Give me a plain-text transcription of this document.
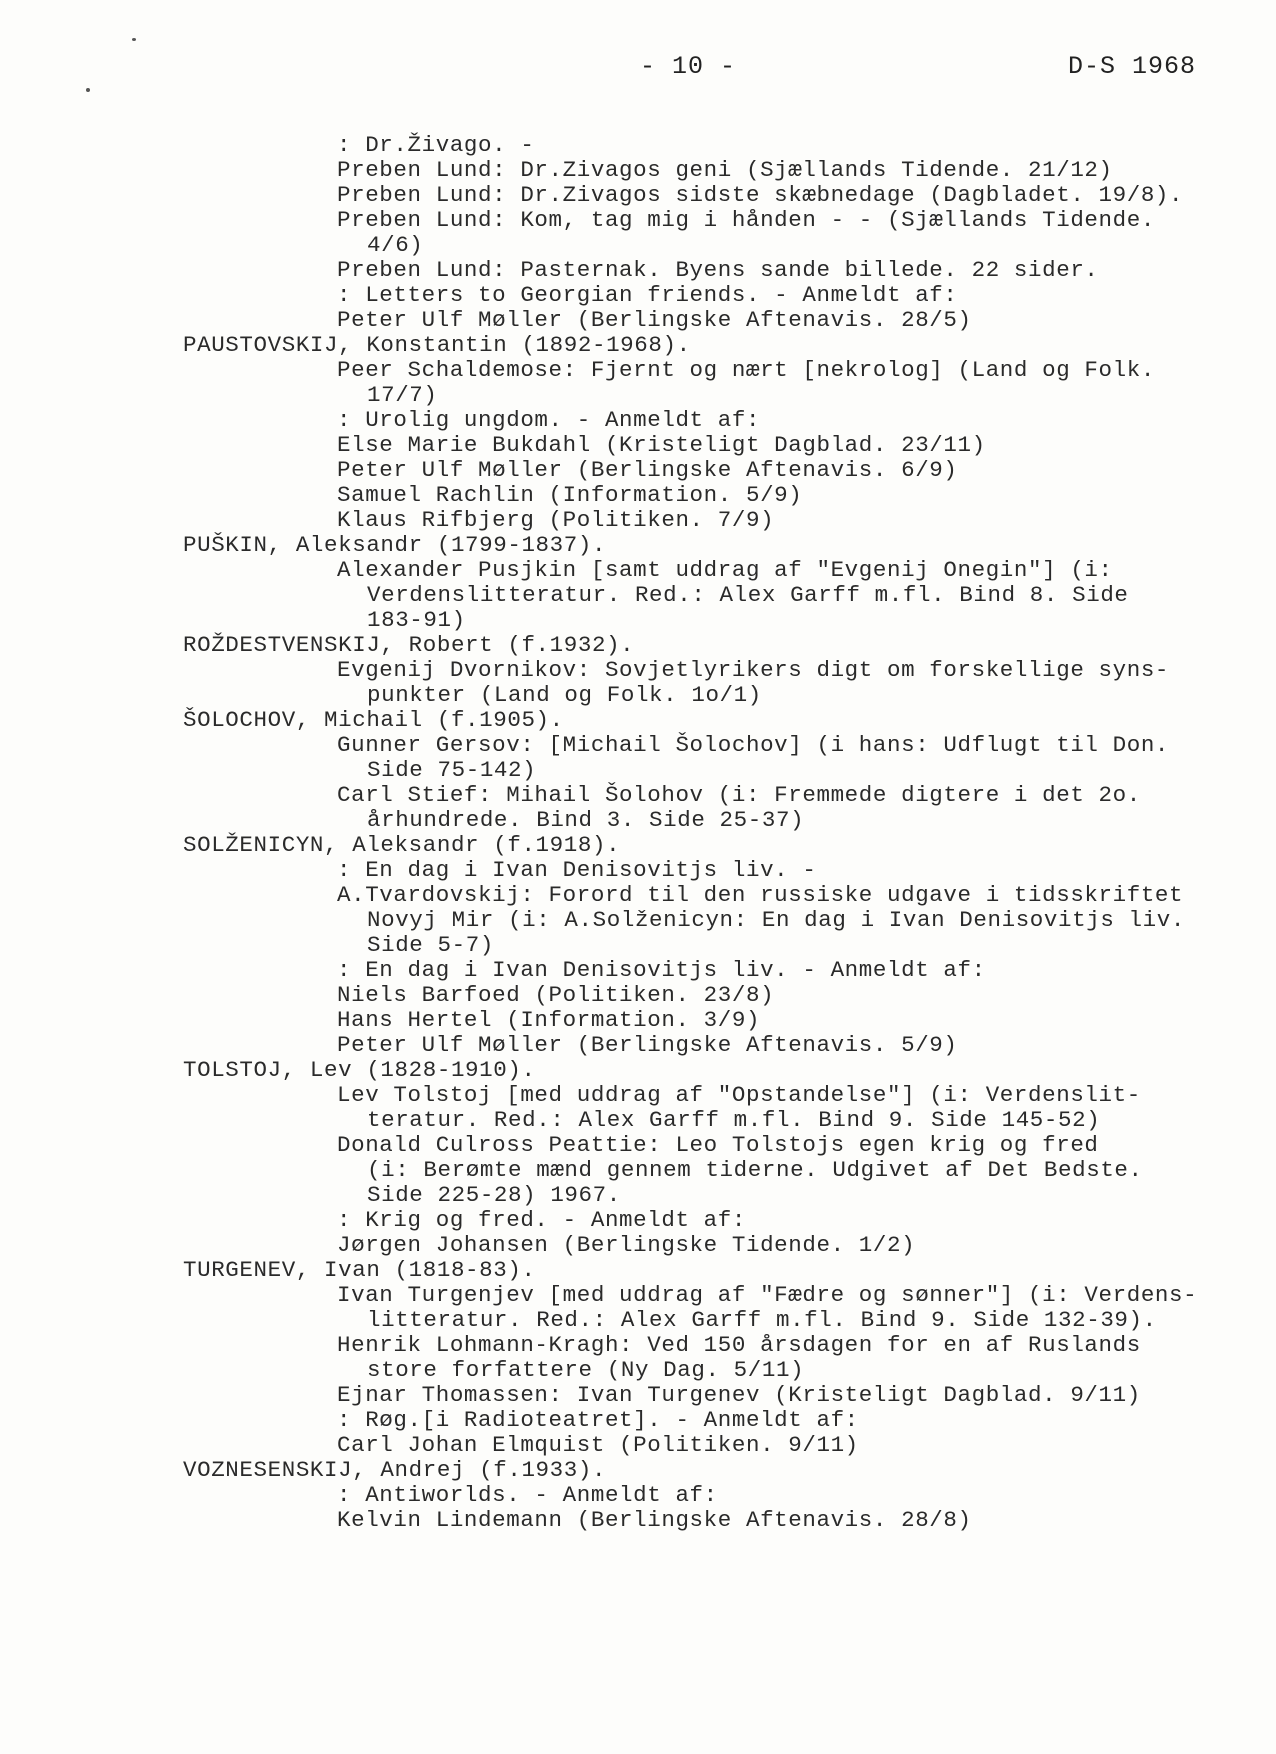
- 10 -	D-S 1968
: Dr.Živago. -
Preben Lund: Dr.Zivagos geni (Sjællands Tidende. 21/12)
Preben Lund: Dr.Zivagos sidste skæbnedage (Dagbladet. 19/8).
Preben Lund: Kom, tag mig i hånden - - (Sjællands Tidende.
4/6)
Preben Lund: Pasternak. Byens sande billede. 22 sider.
: Letters to Georgian friends. - Anmeldt af:
Peter Ulf Møller (Berlingske Aftenavis. 28/5)
PAUSTOVSKIJ, Konstantin (1892-1968).
Peer Schaldemose: Fjernt og nært [nekrolog] (Land og Folk.
17/7)
: Urolig ungdom. - Anmeldt af:
Else Marie Bukdahl (Kristeligt Dagblad. 23/11)
Peter Ulf Møller (Berlingske Aftenavis. 6/9)
Samuel Rachlin (Information. 5/9)
Klaus Rifbjerg (Politiken. 7/9)
PUŠKIN, Aleksandr (1799-1837).
Alexander Pusjkin [samt uddrag af "Evgenij Onegin"] (i:
Verdenslitteratur. Red.: Alex Garff m.fl. Bind 8. Side
183-91)
ROŽDESTVENSKIJ, Robert (f.1932).
Evgenij Dvornikov: Sovjetlyrikers digt om forskellige syns-
punkter (Land og Folk. 1o/1)
ŠOLOCHOV, Michail (f.1905).
Gunner Gersov: [Michail Šolochov] (i hans: Udflugt til Don.
Side 75-142)
Carl Stief: Mihail Šolohov (i: Fremmede digtere i det 2o.
århundrede. Bind 3. Side 25-37)
SOLŽENICYN, Aleksandr (f.1918).
: En dag i Ivan Denisovitjs liv. -
A.Tvardovskij: Forord til den russiske udgave i tidsskriftet
Novyj Mir (i: A.Solženicyn: En dag i Ivan Denisovitjs liv.
Side 5-7)
: En dag i Ivan Denisovitjs liv. - Anmeldt af:
Niels Barfoed (Politiken. 23/8)
Hans Hertel (Information. 3/9)
Peter Ulf Møller (Berlingske Aftenavis. 5/9)
TOLSTOJ, Lev (1828-1910).
Lev Tolstoj [med uddrag af "Opstandelse"] (i: Verdenslit-
teratur. Red.: Alex Garff m.fl. Bind 9. Side 145-52)
Donald Culross Peattie: Leo Tolstojs egen krig og fred
(i: Berømte mænd gennem tiderne. Udgivet af Det Bedste.
Side 225-28) 1967.
: Krig og fred. - Anmeldt af:
Jørgen Johansen (Berlingske Tidende. 1/2)
TURGENEV, Ivan (1818-83).
Ivan Turgenjev [med uddrag af "Fædre og sønner"] (i: Verdens-
litteratur. Red.: Alex Garff m.fl. Bind 9. Side 132-39).
Henrik Lohmann-Kragh: Ved 150 årsdagen for en af Ruslands
store forfattere (Ny Dag. 5/11)
Ejnar Thomassen: Ivan Turgenev (Kristeligt Dagblad. 9/11)
: Røg.[i Radioteatret]. - Anmeldt af:
Carl Johan Elmquist (Politiken. 9/11)
VOZNESENSKIJ, Andrej (f.1933).
: Antiworlds. - Anmeldt af:
Kelvin Lindemann (Berlingske Aftenavis. 28/8)
